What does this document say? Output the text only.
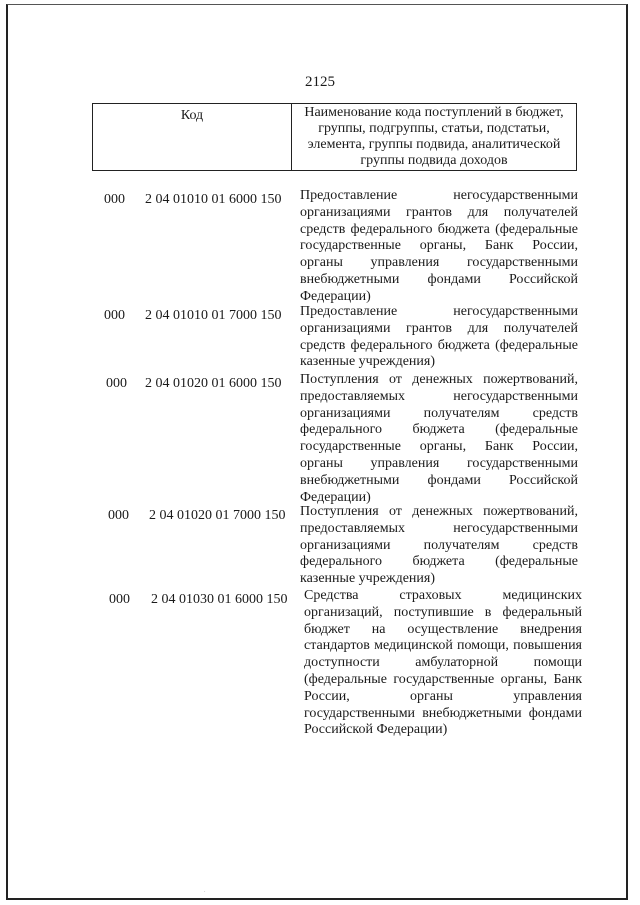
2125
Код	Наименование кода поступлений в бюджет, группы, подгруппы, статьи, подстатьи, элемента, группы подвида, аналитической группы подвида доходов
000 2 04 01010 01 6000 150 Предоставление негосударственными организациями грантов для получателей средств федерального бюджета (федеральные государственные органы, Банк России, органы управления государственными внебюджетными фондами Российской Федерации)
000 2 04 01010 01 7000 150 Предоставление негосударственными организациями грантов для получателей средств федерального бюджета (федеральные казенные учреждения)
000 2 04 01020 01 6000 150 Поступления от денежных пожертвований, предоставляемых негосударственными организациями получателям средств федерального бюджета (федеральные государственные органы, Банк России, органы управления государственными внебюджетными фондами Российской Федерации)
000 2 04 01020 01 7000 150 Поступления от денежных пожертвований, предоставляемых негосударственными организациями получателям средств федерального бюджета (федеральные казенные учреждения)
000 2 04 01030 01 6000 150 Средства страховых медицинских организаций, поступившие в федеральный бюджет на осуществление внедрения стандартов медицинской помощи, повышения доступности амбулаторной помощи (федеральные государственные органы, Банк России, органы управления государственными внебюджетными фондами Российской Федерации)
.
